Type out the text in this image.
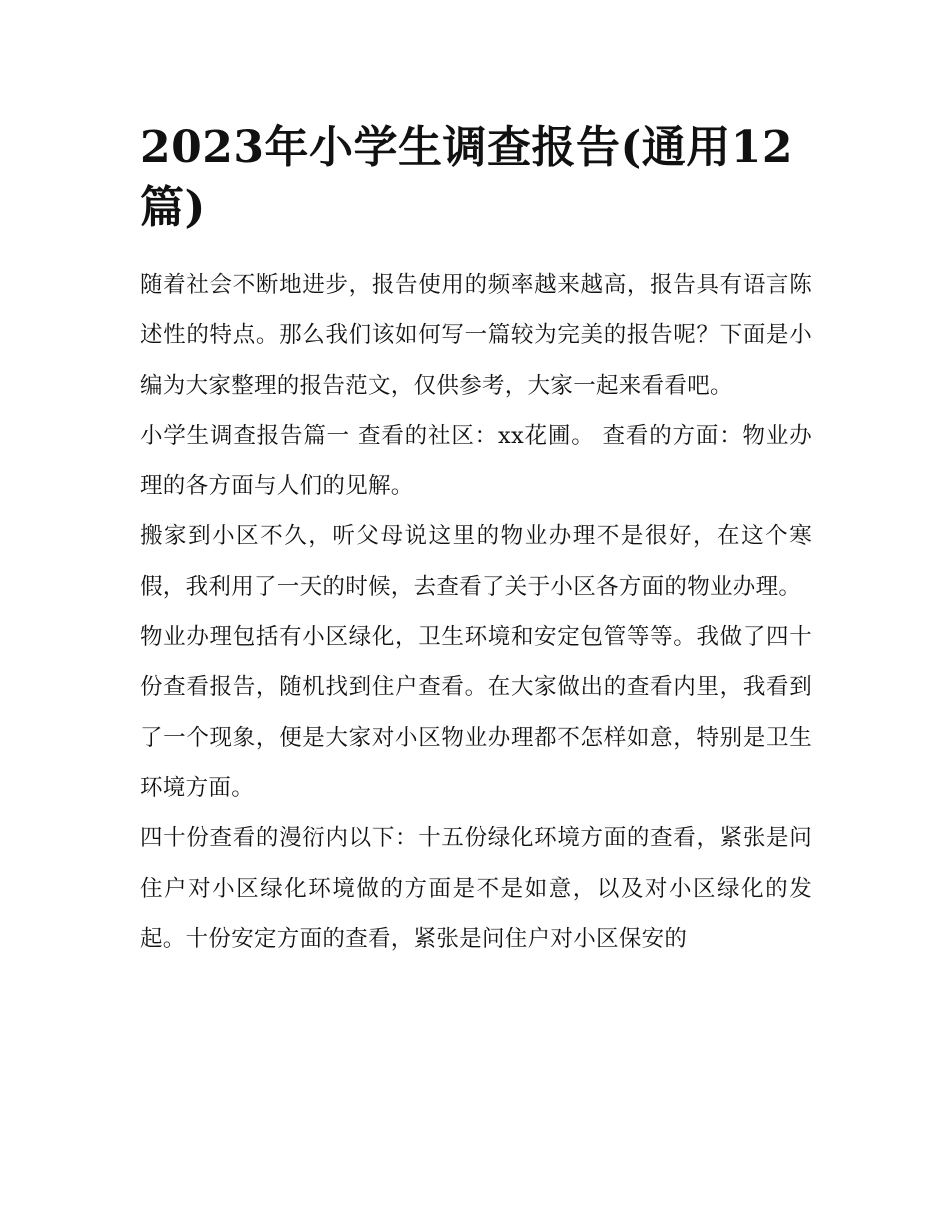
2023年小学生调查报告(通用12篇)

随着社会不断地进步，报告使用的频率越来越高，报告具有语言陈述性的特点。那么我们该如何写一篇较为完美的报告呢？下面是小编为大家整理的报告范文，仅供参考，大家一起来看看吧。

小学生调查报告篇一 查看的社区：xx花圃。 查看的方面：物业办理的各方面与人们的见解。

搬家到小区不久，听父母说这里的物业办理不是很好，在这个寒假，我利用了一天的时候，去查看了关于小区各方面的物业办理。

物业办理包括有小区绿化，卫生环境和安定包管等等。我做了四十份查看报告，随机找到住户查看。在大家做出的查看内里，我看到了一个现象，便是大家对小区物业办理都不怎样如意，特别是卫生环境方面。

四十份查看的漫衍内以下：十五份绿化环境方面的查看，紧张是问住户对小区绿化环境做的方面是不是如意，以及对小区绿化的发起。十份安定方面的查看，紧张是问住户对小区保安的
